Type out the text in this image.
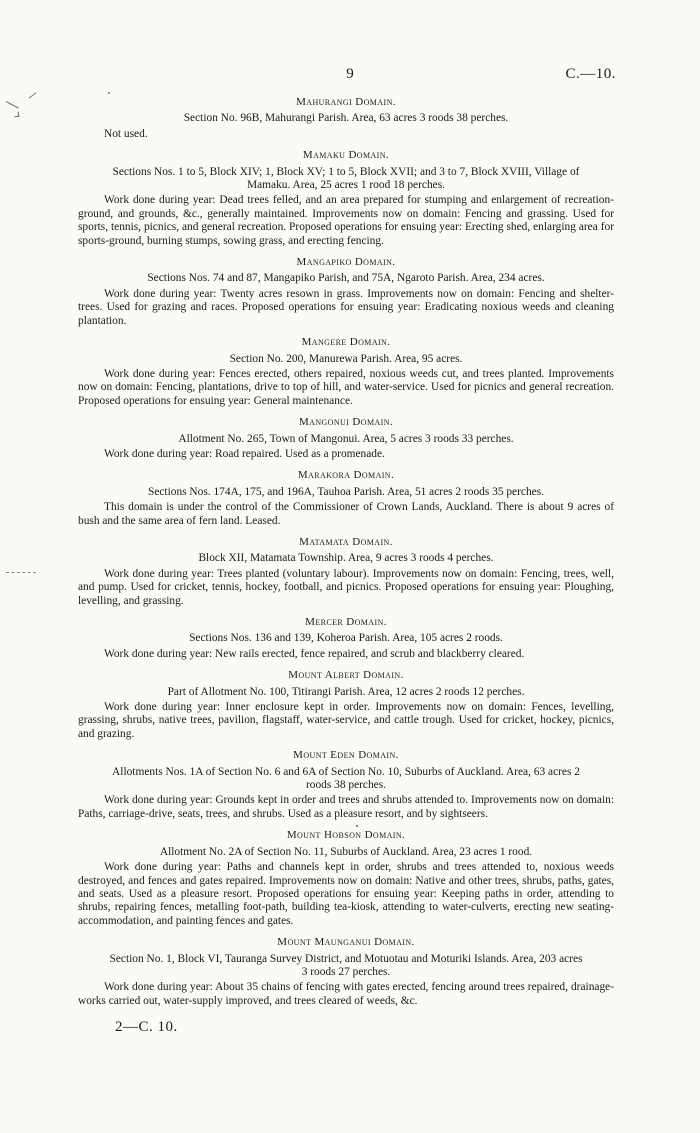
9	C.—10.
Mahurangi Domain.
Section No. 96B, Mahurangi Parish. Area, 63 acres 3 roods 38 perches.
Not used.
Mamaku Domain.
Sections Nos. 1 to 5, Block XIV; 1, Block XV; 1 to 5, Block XVII; and 3 to 7, Block XVIII, Village of Mamaku. Area, 25 acres 1 rood 18 perches.
Work done during year: Dead trees felled, and an area prepared for stumping and enlargement of recreation-ground, and grounds, &c., generally maintained. Improvements now on domain: Fencing and grassing. Used for sports, tennis, picnics, and general recreation. Proposed operations for ensuing year: Erecting shed, enlarging area for sports-ground, burning stumps, sowing grass, and erecting fencing.
Mangapiko Domain.
Sections Nos. 74 and 87, Mangapiko Parish, and 75A, Ngaroto Parish. Area, 234 acres.
Work done during year: Twenty acres resown in grass. Improvements now on domain: Fencing and shelter-trees. Used for grazing and races. Proposed operations for ensuing year: Eradicating noxious weeds and cleaning plantation.
Mangere Domain.
Section No. 200, Manurewa Parish. Area, 95 acres.
Work done during year: Fences erected, others repaired, noxious weeds cut, and trees planted. Improvements now on domain: Fencing, plantations, drive to top of hill, and water-service. Used for picnics and general recreation. Proposed operations for ensuing year: General maintenance.
Mangonui Domain.
Allotment No. 265, Town of Mangonui. Area, 5 acres 3 roods 33 perches.
Work done during year: Road repaired. Used as a promenade.
Marakora Domain.
Sections Nos. 174A, 175, and 196A, Tauhoa Parish. Area, 51 acres 2 roods 35 perches.
This domain is under the control of the Commissioner of Crown Lands, Auckland. There is about 9 acres of bush and the same area of fern land. Leased.
Matamata Domain.
Block XII, Matamata Township. Area, 9 acres 3 roods 4 perches.
Work done during year: Trees planted (voluntary labour). Improvements now on domain: Fencing, trees, well, and pump. Used for cricket, tennis, hockey, football, and picnics. Proposed operations for ensuing year: Ploughing, levelling, and grassing.
Mercer Domain.
Sections Nos. 136 and 139, Koheroa Parish. Area, 105 acres 2 roods.
Work done during year: New rails erected, fence repaired, and scrub and blackberry cleared.
Mount Albert Domain.
Part of Allotment No. 100, Titirangi Parish. Area, 12 acres 2 roods 12 perches.
Work done during year: Inner enclosure kept in order. Improvements now on domain: Fences, levelling, grassing, shrubs, native trees, pavilion, flagstaff, water-service, and cattle trough. Used for cricket, hockey, picnics, and grazing.
Mount Eden Domain.
Allotments Nos. 1A of Section No. 6 and 6A of Section No. 10, Suburbs of Auckland. Area, 63 acres 2 roods 38 perches.
Work done during year: Grounds kept in order and trees and shrubs attended to. Improvements now on domain: Paths, carriage-drive, seats, trees, and shrubs. Used as a pleasure resort, and by sightseers.
Mount Hobson Domain.
Allotment No. 2A of Section No. 11, Suburbs of Auckland. Area, 23 acres 1 rood.
Work done during year: Paths and channels kept in order, shrubs and trees attended to, noxious weeds destroyed, and fences and gates repaired. Improvements now on domain: Native and other trees, shrubs, paths, gates, and seats. Used as a pleasure resort. Proposed operations for ensuing year: Keeping paths in order, attending to shrubs, repairing fences, metalling foot-path, building tea-kiosk, attending to water-culverts, erecting new seating-accommodation, and painting fences and gates.
Mount Maunganui Domain.
Section No. 1, Block VI, Tauranga Survey District, and Motuotau and Moturiki Islands. Area, 203 acres 3 roods 27 perches.
Work done during year: About 35 chains of fencing with gates erected, fencing around trees repaired, drainage-works carried out, water-supply improved, and trees cleared of weeds, &c.
2—C. 10.
